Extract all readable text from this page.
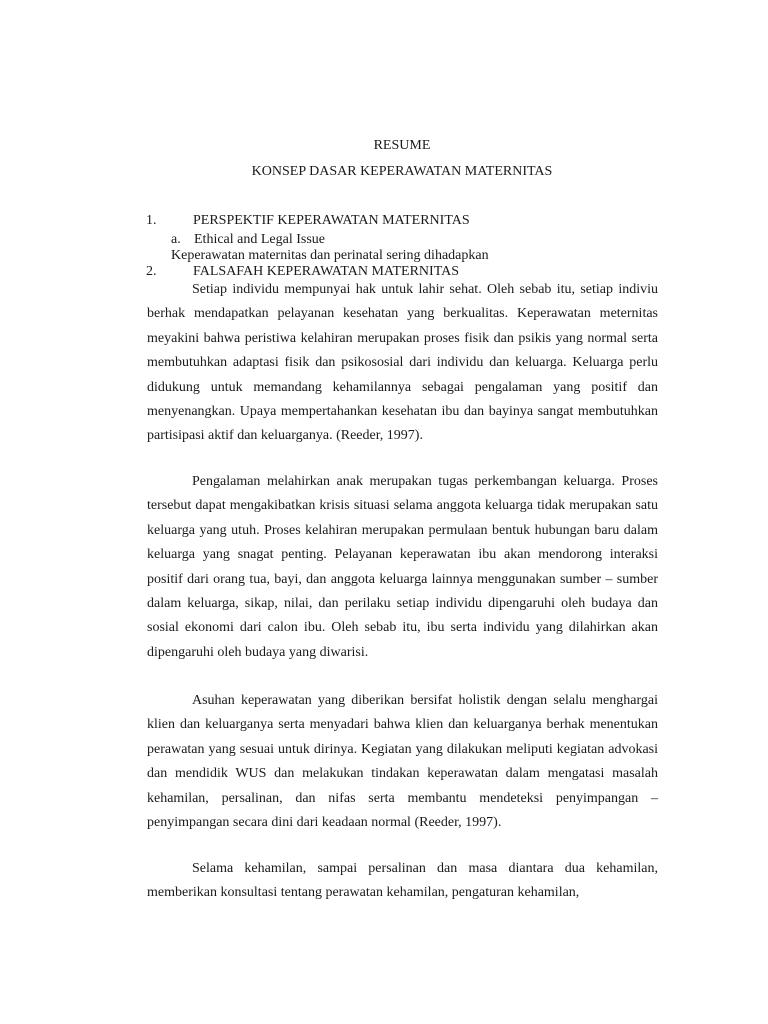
RESUME
KONSEP DASAR KEPERAWATAN MATERNITAS
1.	PERSPEKTIF KEPERAWATAN MATERNITAS
a. Ethical and Legal Issue
Keperawatan maternitas dan perinatal sering dihadapkan
2.	FALSAFAH KEPERAWATAN MATERNITAS

Setiap individu mempunyai hak untuk lahir sehat. Oleh sebab itu, setiap indiviu berhak mendapatkan pelayanan kesehatan yang berkualitas. Keperawatan meternitas meyakini bahwa peristiwa kelahiran merupakan proses fisik dan psikis yang normal serta membutuhkan adaptasi fisik dan psikososial dari individu dan keluarga. Keluarga perlu didukung untuk memandang kehamilannya sebagai pengalaman yang positif dan menyenangkan. Upaya mempertahankan kesehatan ibu dan bayinya sangat membutuhkan partisipasi aktif dan keluarganya. (Reeder, 1997).

Pengalaman melahirkan anak merupakan tugas perkembangan keluarga. Proses tersebut dapat mengakibatkan krisis situasi selama anggota keluarga tidak merupakan satu keluarga yang utuh. Proses kelahiran merupakan permulaan bentuk hubungan baru dalam keluarga yang snagat penting. Pelayanan keperawatan ibu akan mendorong interaksi positif dari orang tua, bayi, dan anggota keluarga lainnya menggunakan sumber – sumber dalam keluarga, sikap, nilai, dan perilaku setiap individu dipengaruhi oleh budaya dan sosial ekonomi dari calon ibu. Oleh sebab itu, ibu serta individu yang dilahirkan akan dipengaruhi oleh budaya yang diwarisi.

Asuhan keperawatan yang diberikan bersifat holistik dengan selalu menghargai klien dan keluarganya serta menyadari bahwa klien dan keluarganya berhak menentukan perawatan yang sesuai untuk dirinya. Kegiatan yang dilakukan meliputi kegiatan advokasi dan mendidik WUS dan melakukan tindakan keperawatan dalam mengatasi masalah kehamilan, persalinan, dan nifas serta membantu mendeteksi penyimpangan – penyimpangan secara dini dari keadaan normal (Reeder, 1997).

Selama kehamilan, sampai persalinan dan masa diantara dua kehamilan, memberikan konsultasi tentang perawatan kehamilan, pengaturan kehamilan,
